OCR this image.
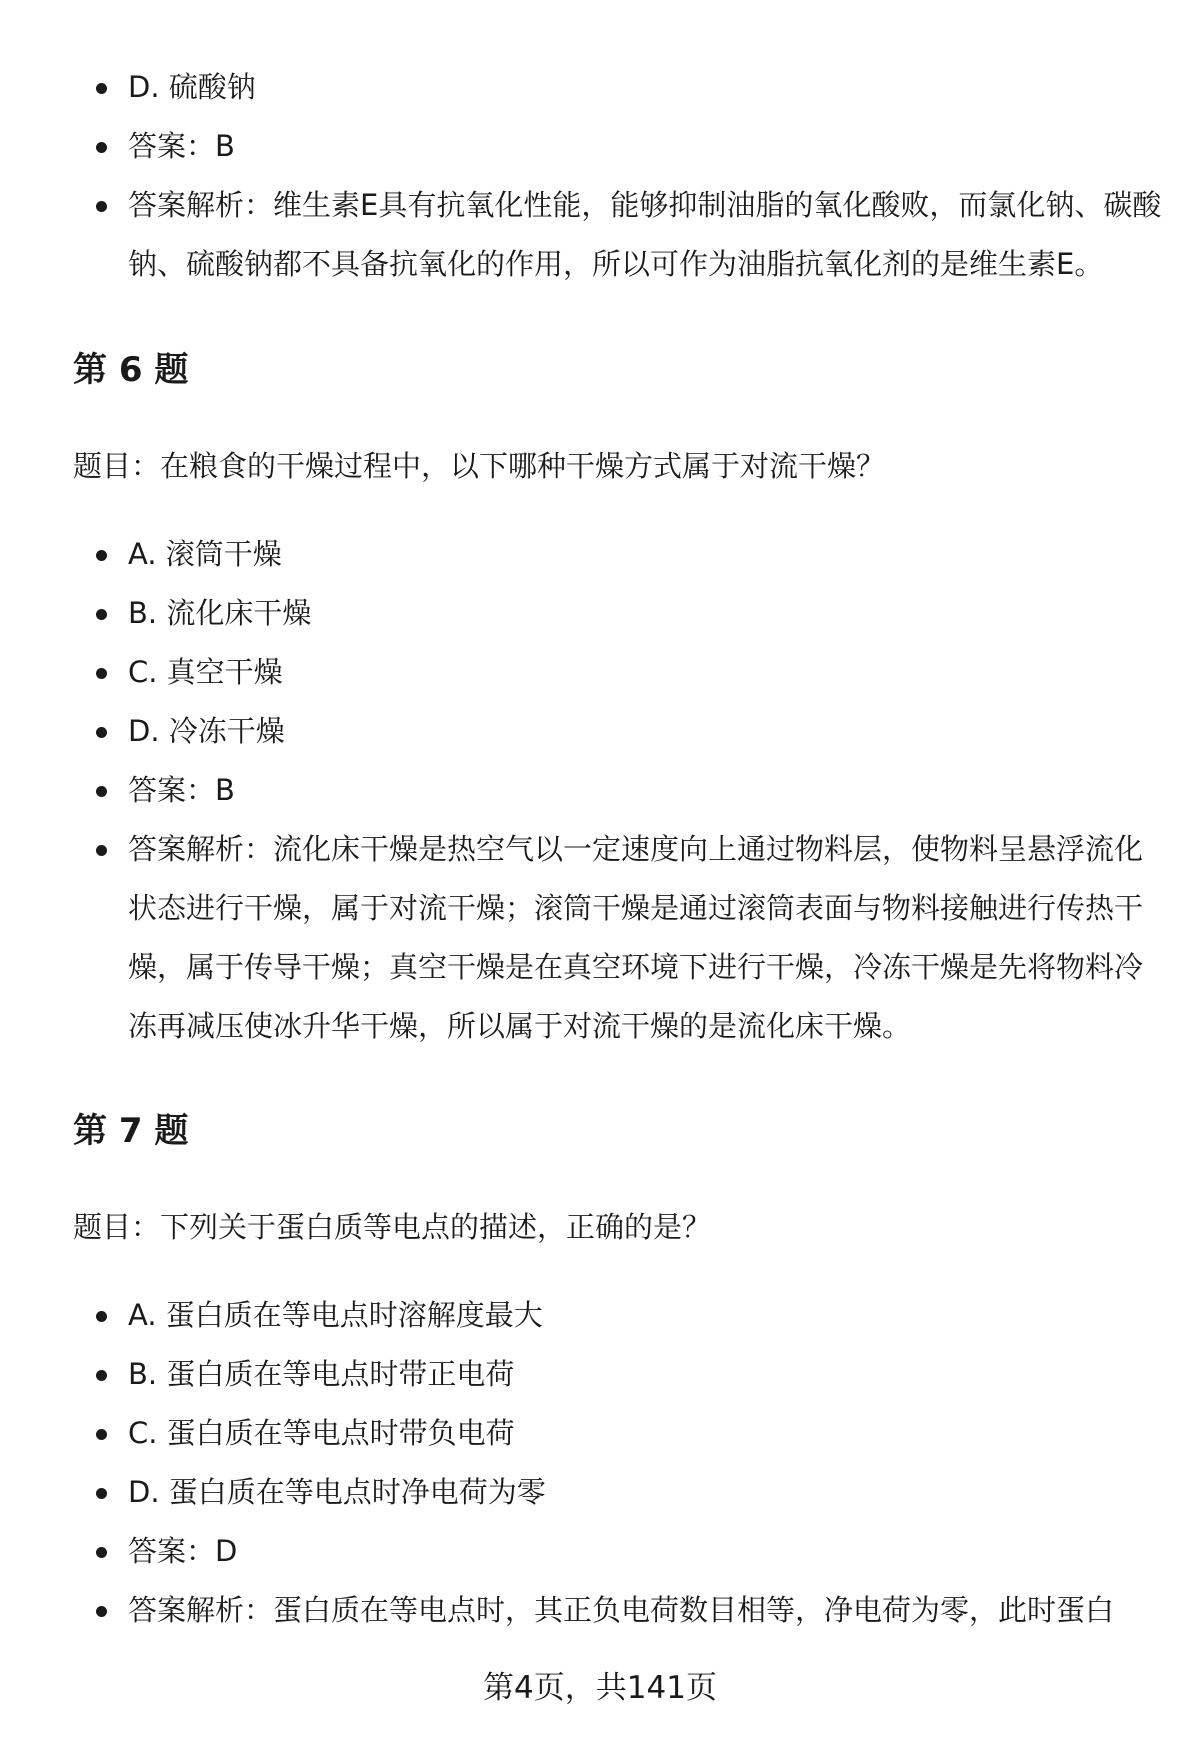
D. 硫酸钠
答案：B
答案解析：维生素E具有抗氧化性能，能够抑制油脂的氧化酸败，而氯化钠、碳酸钠、硫酸钠都不具备抗氧化的作用，所以可作为油脂抗氧化剂的是维生素E。
第 6 题

题目：在粮食的干燥过程中，以下哪种干燥方式属于对流干燥？

A. 滚筒干燥
B. 流化床干燥
C. 真空干燥
D. 冷冻干燥
答案：B
答案解析：流化床干燥是热空气以一定速度向上通过物料层，使物料呈悬浮流化状态进行干燥，属于对流干燥；滚筒干燥是通过滚筒表面与物料接触进行传热干燥，属于传导干燥；真空干燥是在真空环境下进行干燥，冷冻干燥是先将物料冷冻再减压使冰升华干燥，所以属于对流干燥的是流化床干燥。
第 7 题

题目：下列关于蛋白质等电点的描述，正确的是？

A. 蛋白质在等电点时溶解度最大
B. 蛋白质在等电点时带正电荷
C. 蛋白质在等电点时带负电荷
D. 蛋白质在等电点时净电荷为零
答案：D
答案解析：蛋白质在等电点时，其正负电荷数目相等，净电荷为零，此时蛋白
第4页，共141页
